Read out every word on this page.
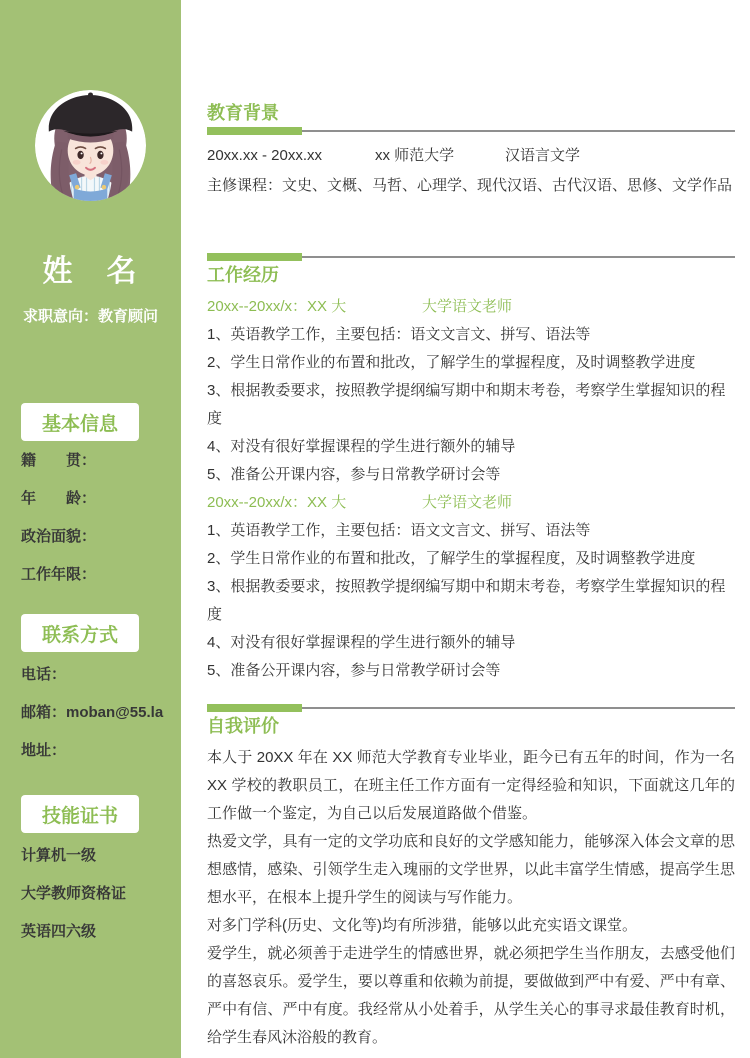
姓　名
求职意向：教育顾问
基本信息
籍　　贯：
年　　龄：
政治面貌：
工作年限：
联系方式
电话：
邮箱：moban@55.la
地址：
技能证书
计算机一级
大学教师资格证
英语四六级
教育背景
20xx.xx - 20xx.xx	xx 师范大学	汉语言文学
主修课程：文史、文概、马哲、心理学、现代汉语、古代汉语、思修、文学作品
工作经历
20xx--20xx/x：XX 大	大学语文老师
1、英语教学工作，主要包括：语文文言文、拼写、语法等
2、学生日常作业的布置和批改，了解学生的掌握程度，及时调整教学进度
3、根据教委要求，按照教学提纲编写期中和期末考卷，考察学生掌握知识的程度
4、对没有很好掌握课程的学生进行额外的辅导
5、准备公开课内容，参与日常教学研讨会等
20xx--20xx/x：XX 大	大学语文老师
1、英语教学工作，主要包括：语文文言文、拼写、语法等
2、学生日常作业的布置和批改，了解学生的掌握程度，及时调整教学进度
3、根据教委要求，按照教学提纲编写期中和期末考卷，考察学生掌握知识的程度
4、对没有很好掌握课程的学生进行额外的辅导
5、准备公开课内容，参与日常教学研讨会等
自我评价
本人于 20XX 年在 XX 师范大学教育专业毕业，距今已有五年的时间，作为一名 XX 学校的教职员工，在班主任工作方面有一定得经验和知识，下面就这几年的工作做一个鉴定，为自己以后发展道路做个借鉴。
热爱文学，具有一定的文学功底和良好的文学感知能力，能够深入体会文章的思想感情，感染、引领学生走入瑰丽的文学世界，以此丰富学生情感，提高学生思想水平，在根本上提升学生的阅读与写作能力。
对多门学科(历史、文化等)均有所涉猎，能够以此充实语文课堂。
爱学生，就必须善于走进学生的情感世界，就必须把学生当作朋友，去感受他们的喜怒哀乐。爱学生，要以尊重和依赖为前提，要做做到严中有爱、严中有章、严中有信、严中有度。我经常从小处着手，从学生关心的事寻求最佳教育时机，给学生春风沐浴般的教育。
